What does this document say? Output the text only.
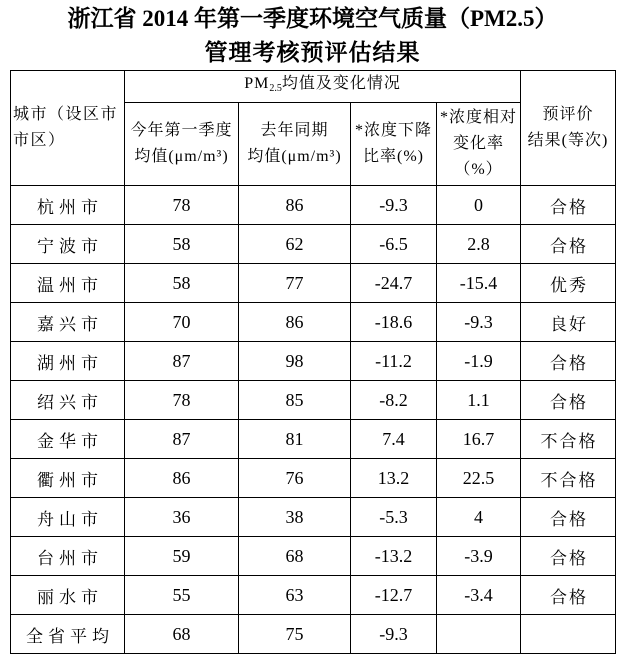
浙江省 2014 年第一季度环境空气质量（PM2.5）
管理考核预评估结果
城市（设区市
市区）	$PM_{2.5}$均值及变化情况				预评价
结果(等次)

	今年第一季度
均值(μm/m³)	去年同期
均值(μm/m³)	*浓度下降
比率(%)	*浓度相对
变化率
（%）	

杭州市	78	86	-9.3	0	合格
宁波市	58	62	-6.5	2.8	合格
温州市	58	77	-24.7	-15.4	优秀
嘉兴市	70	86	-18.6	-9.3	良好
湖州市	87	98	-11.2	-1.9	合格
绍兴市	78	85	-8.2	1.1	合格
金华市	87	81	7.4	16.7	不合格
衢州市	86	76	13.2	22.5	不合格
舟山市	36	38	-5.3	4	合格
台州市	59	68	-13.2	-3.9	合格
丽水市	55	63	-12.7	-3.4	合格
全省平均	68	75	-9.3		
